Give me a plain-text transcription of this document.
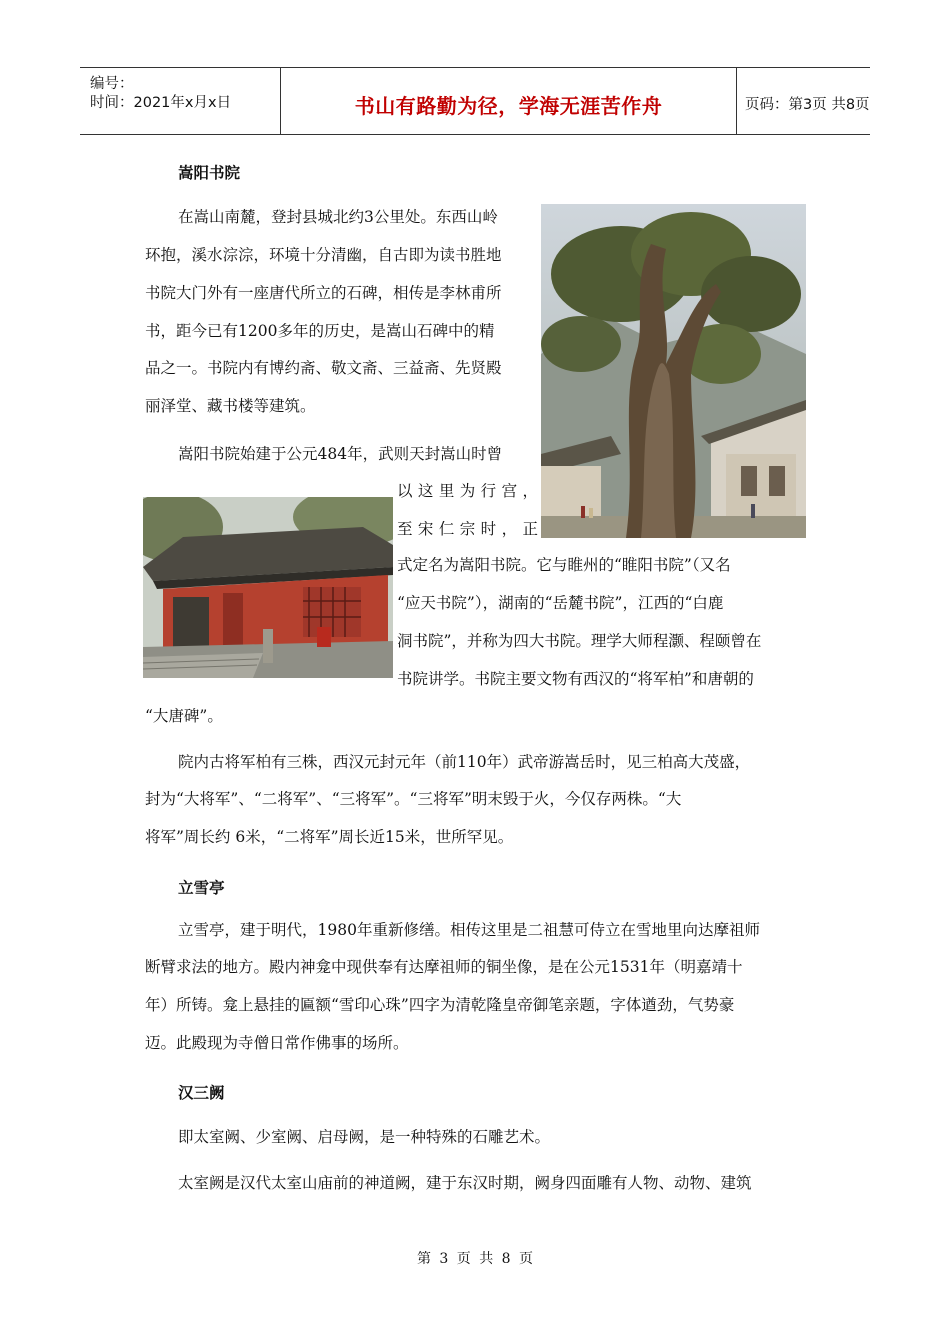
编号：
时间：2021年x月x日	书山有路勤为径，学海无涯苦作舟	页码：第3页 共8页
嵩阳书院
在嵩山南麓，登封县城北约3公里处。东西山岭
环抱，溪水淙淙，环境十分清幽，自古即为读书胜地
书院大门外有一座唐代所立的石碑，相传是李林甫所
书，距今已有1200多年的历史，是嵩山石碑中的精
品之一。书院内有博约斋、敬文斋、三益斋、先贤殿
丽泽堂、藏书楼等建筑。
嵩阳书院始建于公元484年，武则天封嵩山时曾
以这里为行宫，
至宋仁宗时，正
式定名为嵩阳书院。它与睢州的“睢阳书院”（又名
“应天书院”），湖南的“岳麓书院”，江西的“白鹿
洞书院”，并称为四大书院。理学大师程灏、程颐曾在
书院讲学。书院主要文物有西汉的“将军柏”和唐朝的
“大唐碑”。
院内古将军柏有三株，西汉元封元年（前110年）武帝游嵩岳时，见三柏高大茂盛，
封为“大将军”、“二将军”、“三将军”。“三将军”明末毁于火，今仅存两株。“大
将军”周长约 6米，“二将军”周长近15米，世所罕见。
立雪亭
立雪亭，建于明代，1980年重新修缮。相传这里是二祖慧可侍立在雪地里向达摩祖师
断臂求法的地方。殿内神龛中现供奉有达摩祖师的铜坐像，是在公元1531年（明嘉靖十
年）所铸。龛上悬挂的匾额“雪印心珠”四字为清乾隆皇帝御笔亲题，字体遒劲，气势豪
迈。此殿现为寺僧日常作佛事的场所。
汉三阙
即太室阙、少室阙、启母阙，是一种特殊的石雕艺术。
太室阙是汉代太室山庙前的神道阙，建于东汉时期，阙身四面雕有人物、动物、建筑
第 3 页 共 8 页
